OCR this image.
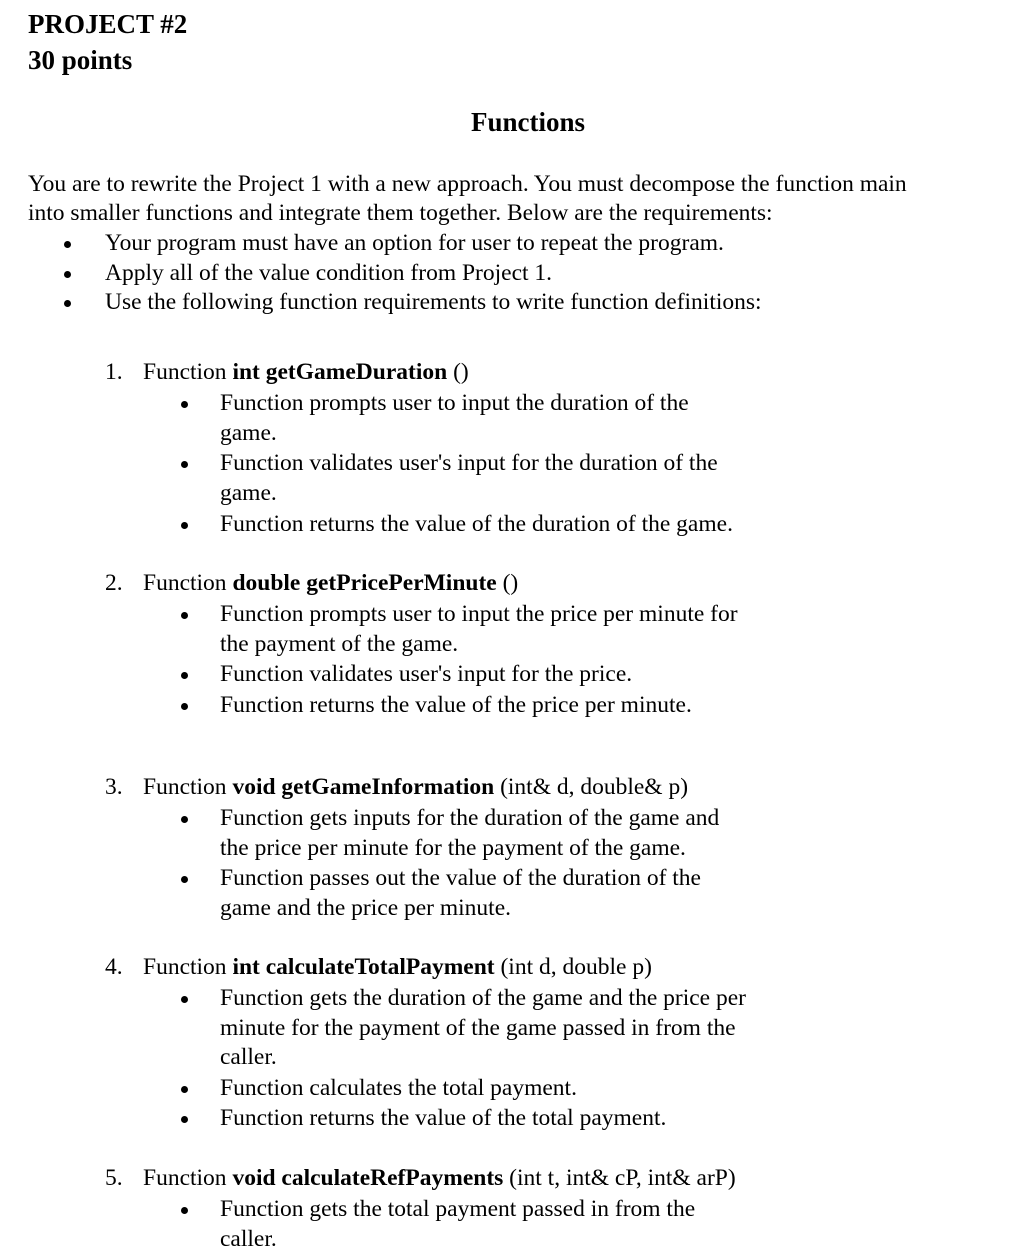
PROJECT #2
30 points
Functions

You are to rewrite the Project 1 with a new approach. You must decompose the function main

into smaller functions and integrate them together. Below are the requirements:

Your program must have an option for user to repeat the program.
Apply all of the value condition from Project 1.
Use the following function requirements to write function definitions:
1. Function int getGameDuration ()
Function prompts user to input the duration of the
game.
Function validates user's input for the duration of the
game.
Function returns the value of the duration of the game.
2. Function double getPricePerMinute ()
Function prompts user to input the price per minute for
the payment of the game.
Function validates user's input for the price.
Function returns the value of the price per minute.
3. Function void getGameInformation (int& d, double& p)
Function gets inputs for the duration of the game and
the price per minute for the payment of the game.
Function passes out the value of the duration of the
game and the price per minute.
4. Function int calculateTotalPayment (int d, double p)
Function gets the duration of the game and the price per
minute for the payment of the game passed in from the
caller.
Function calculates the total payment.
Function returns the value of the total payment.
5. Function void calculateRefPayments (int t, int& cP, int& arP)
Function gets the total payment passed in from the
caller.
